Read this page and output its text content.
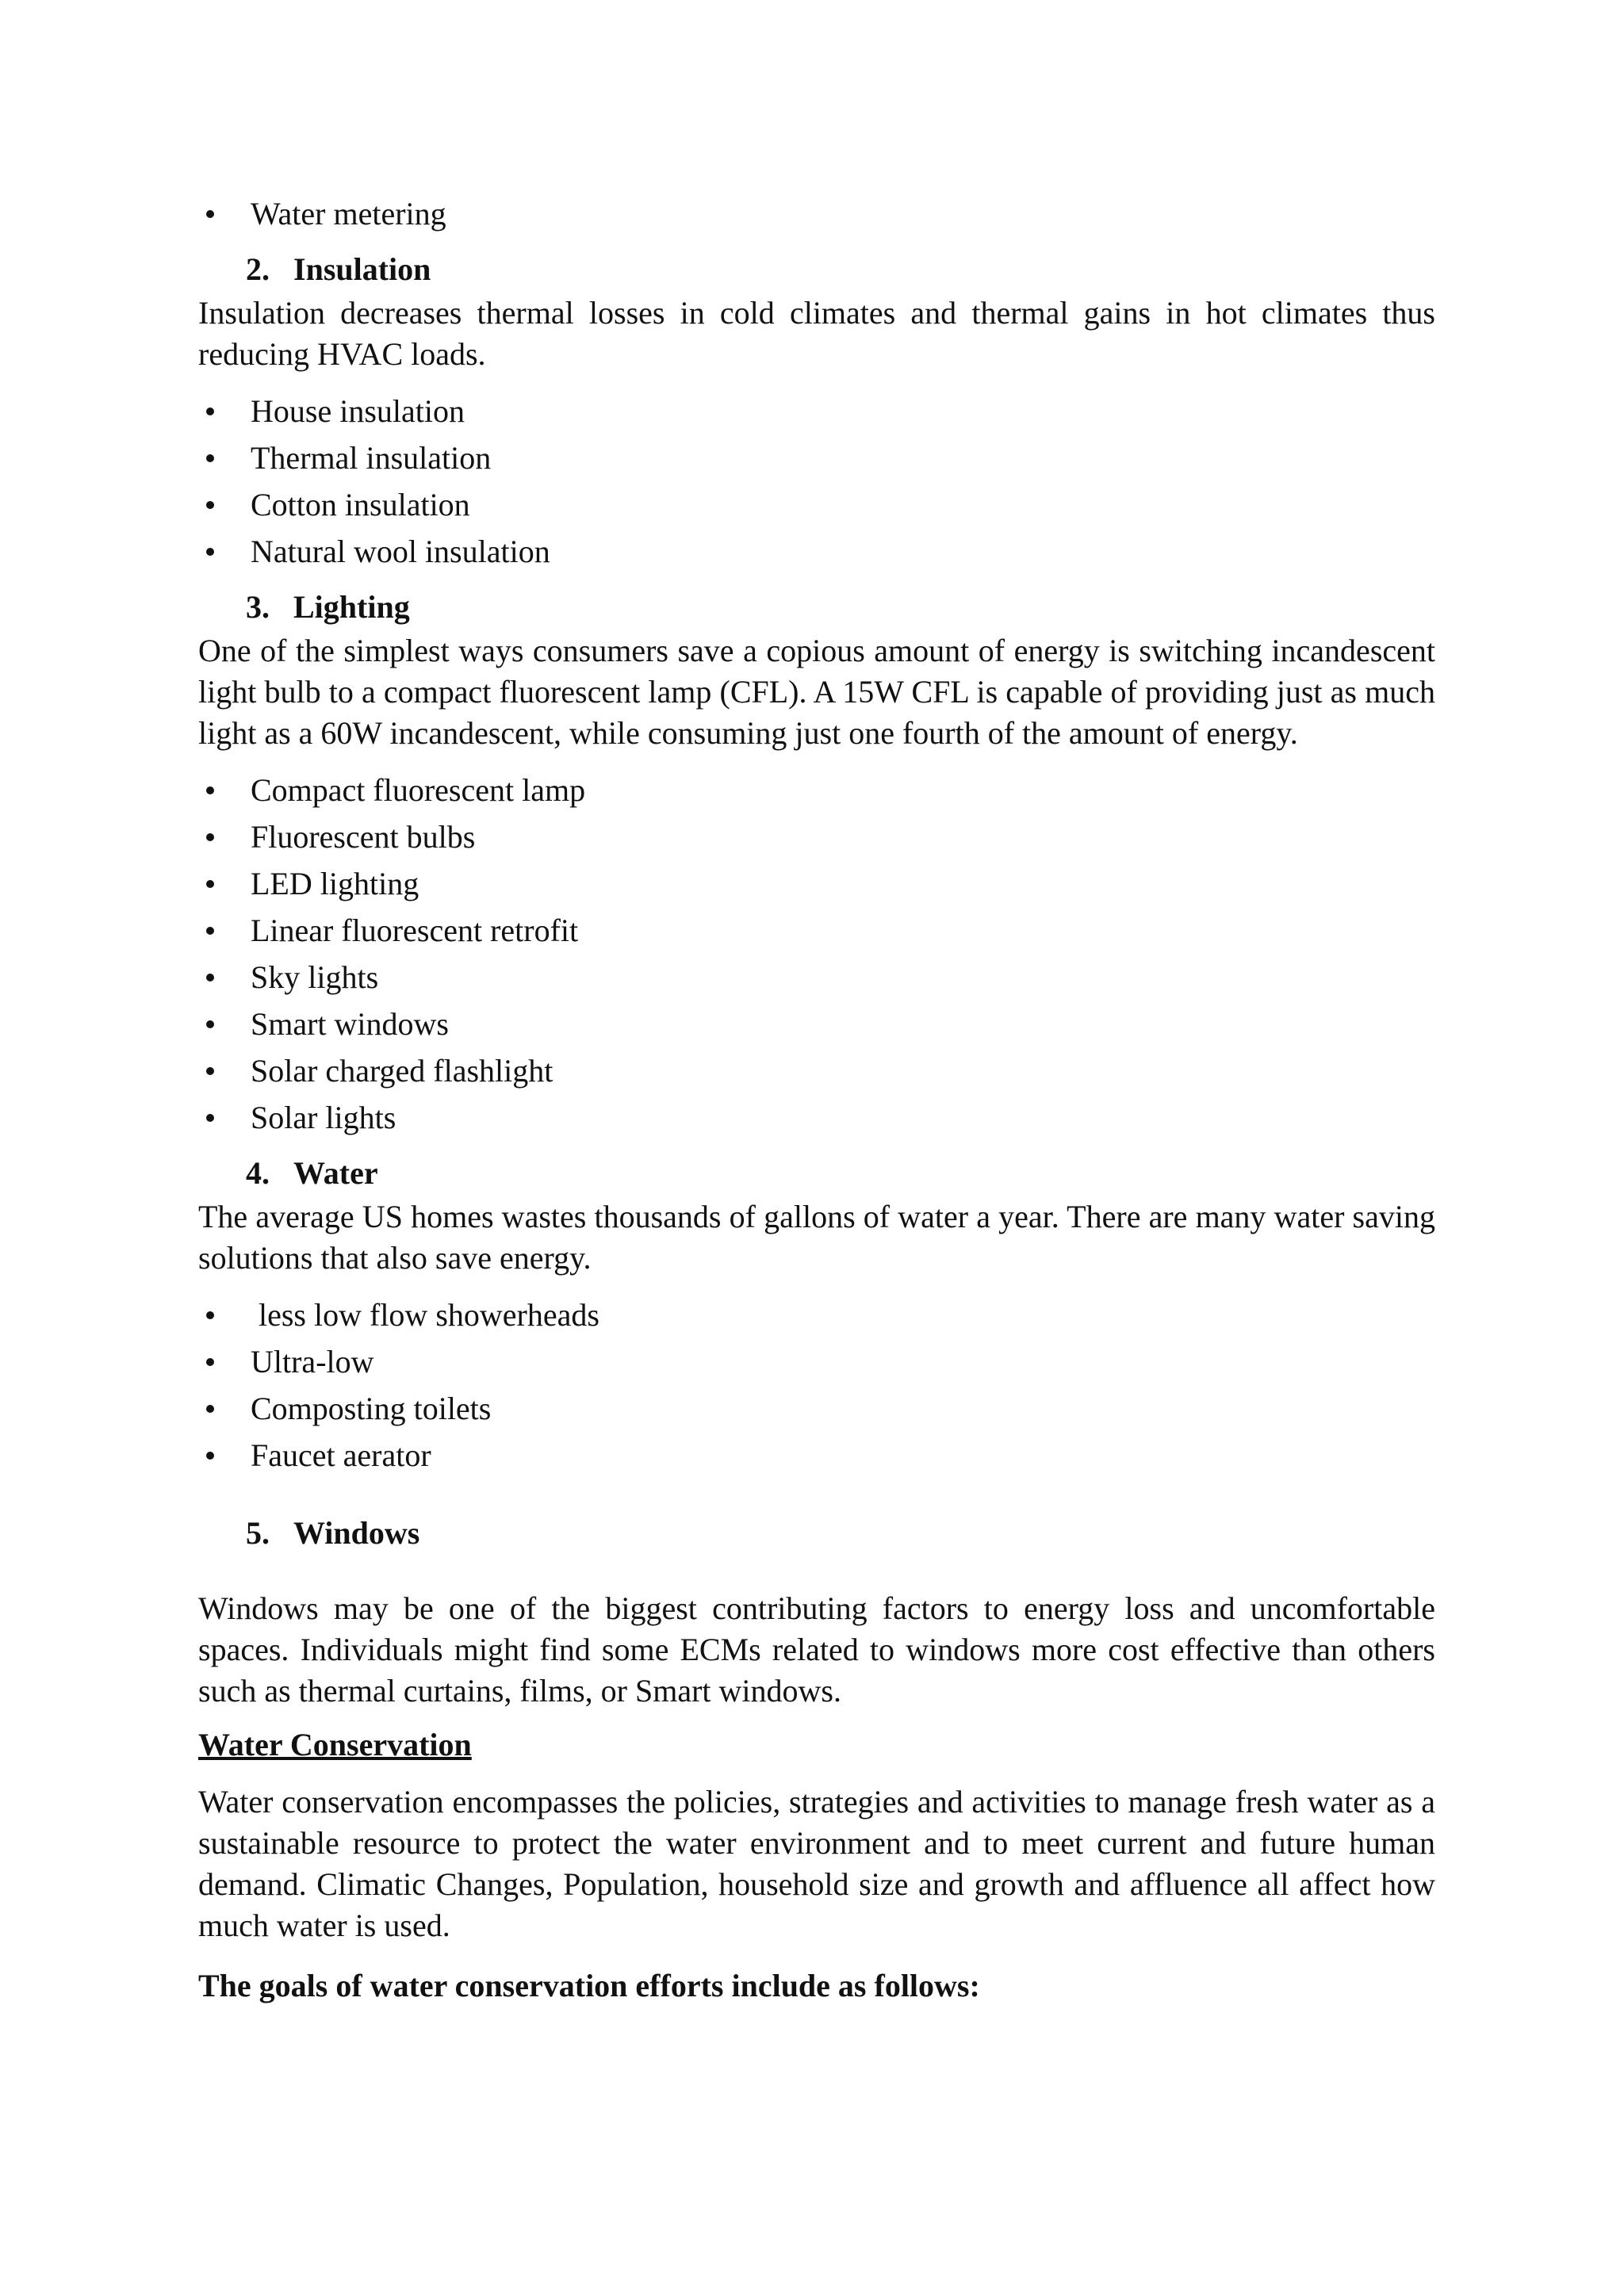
Water metering
2. Insulation

Insulation decreases thermal losses in cold climates and thermal gains in hot climates thus reducing HVAC loads.

House insulation
Thermal insulation
Cotton insulation
Natural wool insulation
3. Lighting

One of the simplest ways consumers save a copious amount of energy is switching incandescent light bulb to a compact fluorescent lamp (CFL). A 15W CFL is capable of providing just as much light as a 60W incandescent, while consuming just one fourth of the amount of energy.

Compact fluorescent lamp
Fluorescent bulbs
LED lighting
Linear fluorescent retrofit
Sky lights
Smart windows
Solar charged flashlight
Solar lights
4. Water

The average US homes wastes thousands of gallons of water a year. There are many water saving solutions that also save energy.

less low flow showerheads
Ultra-low
Composting toilets
Faucet aerator
5. Windows

Windows may be one of the biggest contributing factors to energy loss and uncomfortable spaces. Individuals might find some ECMs related to windows more cost effective than others such as thermal curtains, films, or Smart windows.

Water Conservation

Water conservation encompasses the policies, strategies and activities to manage fresh water as a sustainable resource to protect the water environment and to meet current and future human demand. Climatic Changes, Population, household size and growth and affluence all affect how much water is used.

The goals of water conservation efforts include as follows:
